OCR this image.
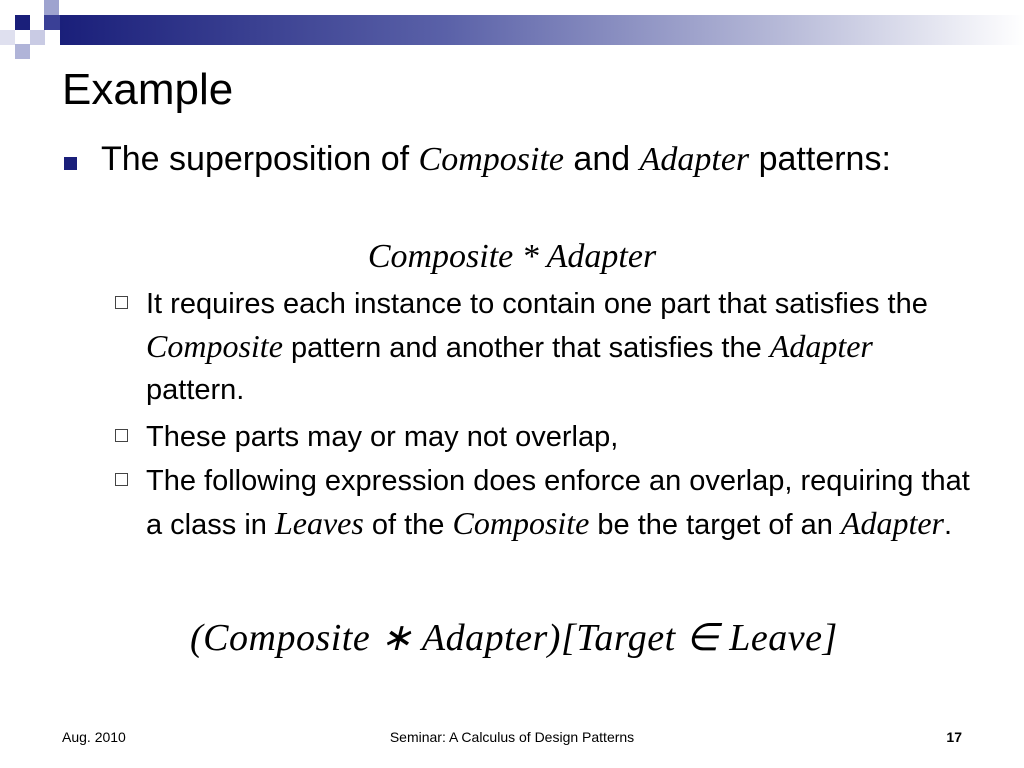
Example
The superposition of Composite and Adapter patterns:
Composite * Adapter
It requires each instance to contain one part that satisfies the Composite pattern and another that satisfies the Adapter pattern.
These parts may or may not overlap,
The following expression does enforce an overlap, requiring that a class in Leaves of the Composite be the target of an Adapter.
(Composite ∗ Adapter)[Target ∈ Leave]
Aug. 2010	Seminar: A Calculus of Design Patterns	17
